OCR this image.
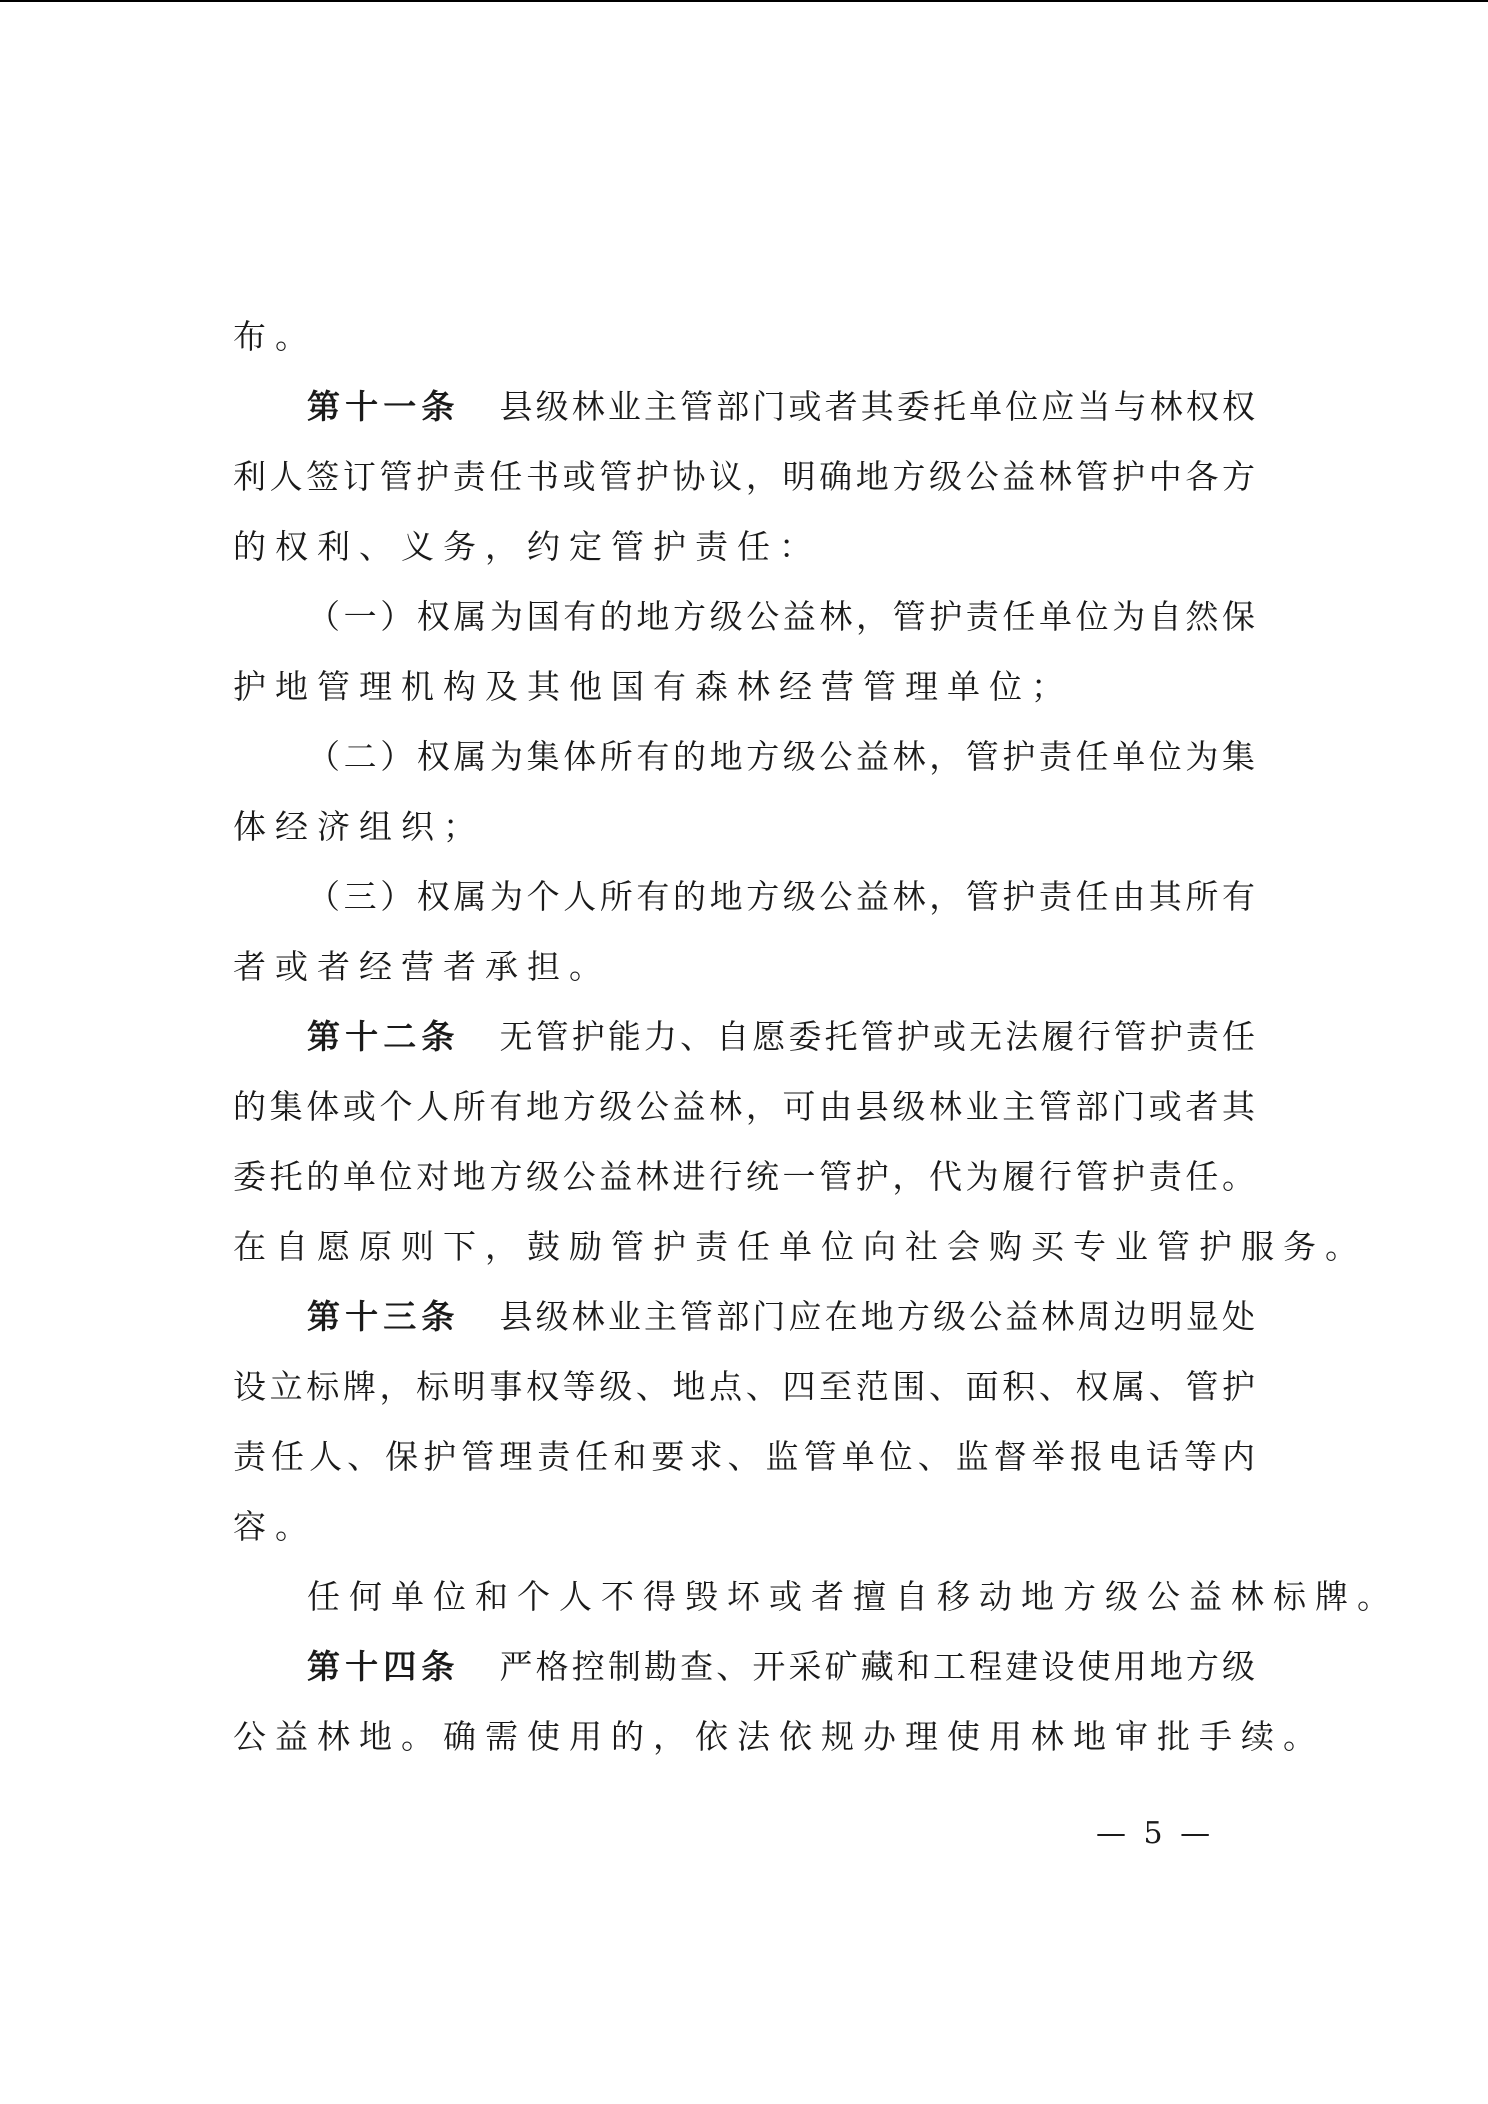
布。
第十一条 县级林业主管部门或者其委托单位应当与林权权
利人签订管护责任书或管护协议，明确地方级公益林管护中各方
的权利、义务，约定管护责任：
（一）权属为国有的地方级公益林，管护责任单位为自然保
护地管理机构及其他国有森林经营管理单位；
（二）权属为集体所有的地方级公益林，管护责任单位为集
体经济组织；
（三）权属为个人所有的地方级公益林，管护责任由其所有
者或者经营者承担。
第十二条 无管护能力、自愿委托管护或无法履行管护责任
的集体或个人所有地方级公益林，可由县级林业主管部门或者其
委托的单位对地方级公益林进行统一管护，代为履行管护责任。
在自愿原则下，鼓励管护责任单位向社会购买专业管护服务。
第十三条 县级林业主管部门应在地方级公益林周边明显处
设立标牌，标明事权等级、地点、四至范围、面积、权属、管护
责任人、保护管理责任和要求、监管单位、监督举报电话等内
容。
任何单位和个人不得毁坏或者擅自移动地方级公益林标牌。
第十四条 严格控制勘查、开采矿藏和工程建设使用地方级
公益林地。确需使用的，依法依规办理使用林地审批手续。
— 5 —
